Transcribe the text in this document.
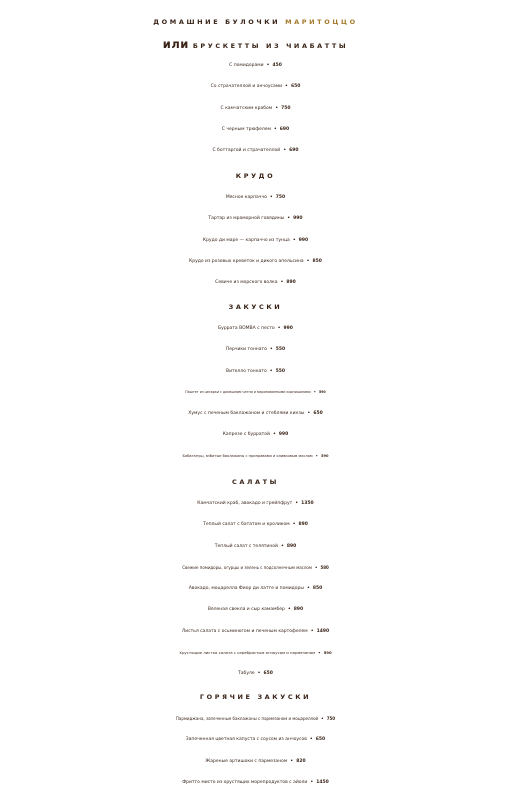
ДОМАШНИЕ БУЛОЧКИ МАРИТОЦЦО
или БРУСКЕТТЫ ИЗ ЧИАБАТТЫ
С помидорами • 450
Со страчателлой и анчоусами • 650
С камчатским крабом • 750
С черным трюфелем • 690
С боттаргой и страчателлой • 690
КРУДО
Мясное карпаччо • 750
Тартар из мраморной говядины • 990
Крудо ди маре — карпаччо из тунца • 990
Крудо из розовых креветок и дикого апельсина • 850
Севиче из морского волка • 890
ЗАКУСКИ
Буррата BOMBA с песто • 990
Перчики тоннато • 550
Вителло тоннато • 550
Паштет из цесарки с домашним чатни и маринованными корнишонами • 590
Хумус с печеным баклажаном и стеблями кинзы • 650
Капрезе с бурратой • 990
Бабагануш, взбитые баклажаны с приправами и оливковым маслом • 590
САЛАТЫ
Камчатский краб, авокадо и грейпфрут • 1350
Теплый салат с бататом и кроликом • 890
Теплый салат с телятиной • 890
Свежие помидоры, огурцы и зелень с подсолнечным маслом • 580
Авокадо, моцарелла Фиор ди латте и помидоры • 850
Вяленая свекла и сыр камамбер • 890
Листья салата с осьминогом и печеным картофелем • 1490
Хрустящие листья салата с серебристым анчоусом и пармезаном • 590
Табуле • 650
ГОРЯЧИЕ ЗАКУСКИ
Пармиджана, запеченные баклажаны с пармезаном и моцареллой • 750
Запеченная цветная капуста с соусом из анчоусов • 650
Жареные артишоки с пармезаном • 820
Фритто мисто из хрустящих морепродуктов с айоли • 1450
